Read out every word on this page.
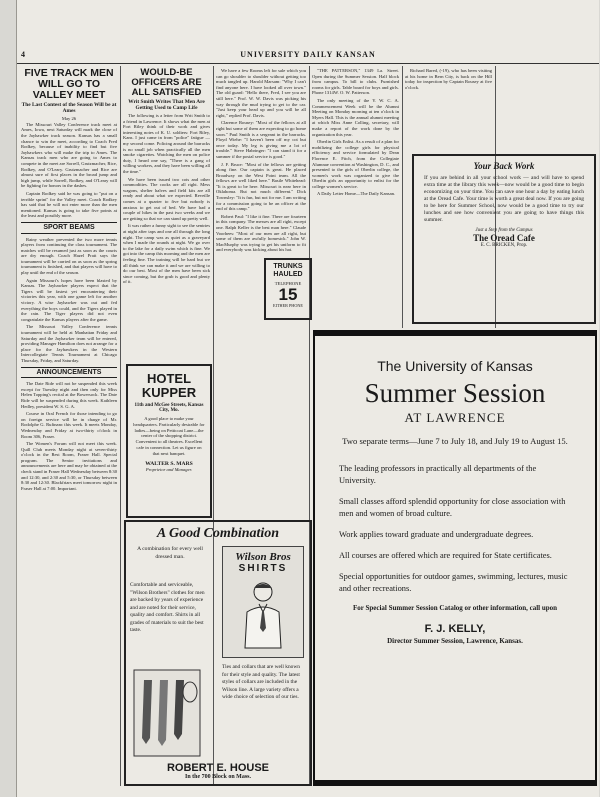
4	UNIVERSITY DAILY KANSAN
FIVE TRACK MEN WILL GO TO VALLEY MEET
The Last Contest of the Season Will be at Ames
May 26

The Missouri Valley Conference track meet at Ames, Iowa, next Saturday will mark the close of the Jayhawker track season. Kansas has a small chance to win the meet, according to Coach Fred Rodkey, because of inability to find but five Jayhawkers who will make the trip to Ames. The Kansas track men who are going to Ames to compete in the meet are Sorrell, Grutzmacher, Rice, Rodkey, and O'Leary. Grutzmacher and Rice are almost sure of first places in the broad jump and high jump, while Sorrell, Rodkey, and O'Leary will be fighting for honors in the dashes.

Captain Rodkey said he was going to "put on a terrible sprint" for the Valley meet. Coach Rodkey has said that he will not enter more than the men mentioned. Kansas is going to take five points at the least and possibly more.

SPORT BEAMS

Rainy weather prevented the two more tennis players from continuing the class tournament. The matches will be resumed just as soon as the courts are dry enough. Coach Hazel Pratt says the tournament will be carried on as soon as the spring tournament is finished, and that players will have to play until the end of the season.

Again Missouri's hopes have been blasted by Kansas. The Jayhawker players expect that the Tigers will be fastest yet encountering their victories this year, with one game left for another victory. A wise Jayhawker was out and fed everything the boys could, and the Tigers played in the rain. The Tiger players did not even congratulate the Kansas players after the game.

The Missouri Valley Conference tennis tournament will be held at Manhattan Friday and Saturday and the Jayhawker team will be entered, providing Manager Hamilton does not arrange for a place for the Jayhawkers in the Western Intercollegiate Tennis Tournament at Chicago Thursday, Friday, and Saturday.

ANNOUNCEMENTS

The Date Ride will not be suspended this week except for Tuesday night and then only for Miss Helen Topping's recital at the Bowersock. The Date Ride will be suspended during this week. Kathleen Hedley, president W. S. G. A.

Course in Oral French for those intending to go on foreign service will be in charge of Mr. Rodolphe G. Rufinanc this week. It meets Monday, Wednesday and Friday at two-thirty o'clock in Room 306, Fraser.

The Women's Forum will not meet this week. Quill Club meets Monday night at seven-thirty o'clock in the Rest Room, Fraser Hall. Special program. The Senior invitations and announcements are here and may be obtained at the check stand in Fraser Hall Wednesday between 8:30 and 12:30, and 2:30 and 5:30, or Thursday between 8:30 and 12:30. Blackfriars meet tomorrow night in Fraser Hall at 7:00. Important.

WOULD-BE OFFICERS ARE ALL SATISFIED
Writ Smith Writes That Men Are Getting Used to Camp Life

The following is a letter from Writ Smith to a friend in Lawrence. It shows what the men at Fort Riley think of their work and gives interesting notes of K. U. soldiers: Fort Riley, Kans. I just came in from "police" fatigue — my second come. Policing around the barracks is no small job when practically all the men smoke cigarettes. Watching the men on police duty, I heard one say, "There is a gang of willing workers, and they have been willing all the time."

We have been issued two cots and other commodities. The cooks are all right. Mess wagons, shelter halves and field kits are all ready and about what we expected. Reveille comes at a quarter to five but nobody is anxious to get out of bed. We have had a couple of hikes in the past two weeks and we are getting so that we can stand up pretty well.

It was rather a funny sight to see the sentries at night after taps and one all through the long night. The camp was as quiet as a graveyard when I made the rounds at night. We go over to the lake for a daily swim which is fine. We got into the camp this morning and the men are feeling fine. The training will be hard but we all think we can make it and we are willing to do our best. Most of the men have been sick since coming, but the grub is good and plenty of it.

HOTEL KUPPER
11th and McGee Streets, Kansas City, Mo.
A good place to make your headquarters. Particularly desirable for ladies—being on Petticoat Lane—the center of the shopping district. Convenient to all theatres. Excellent cafe in connection. Let us figure on that next banquet.
WALTER S. MARS
Proprietor and Manager.

We have a few Rooms left for sale which you can go shoulder to shoulder without getting too much tangled up. Harold Marsam: "Why I can't find anyone here. I have looked all over town." The old guard: "Hello there, Fred, I see you are still here." Prof. W. W. Davis was picking his way through the mud trying to get to the car. "Just keep your head up and you will be all right," replied Prof. Davis.

Clarence Rousey: "Most of the fellows at all right but some of them are expecting to go home soon." Paul Smith is a sergeant in the barracks. Floyd Wiehe: "I haven't been off my cot but once today. My leg is giving me a lot of trouble." Steve Habringer: "I can stand it for a summer if the postal service is good."

J. F. Bruce: "Most of the fellows are getting along fine. Our captain is great. He placed Broadway on the West Point team. All the fellows are well liked here." Basile Whitehead: "It is great to be here. Missouri is near here in Oklahoma. But not much different." Dick Townsley: "It is fun, but not for me. I am writing for a commission going to be an officer at the end of this camp."

Robert Paul: "I like it fine. There are fourteen in this company. The messes are all right, except one. Ralph Keller is the best man here." Claude Voorhees: "Most of our men are all right, but some of them are awfully homesick." John W. MacMurphy was trying to get his uniform to fit and everybody was kicking about his hat.

TRUNKS HAULED
TELEPHONE
15
EITHER PHONE
A Good Combination
A combination for every well dressed man.
Comfortable and serviceable, "Wilson Brothers" clothes for men are backed by years of experience and are noted for their service, quality and comfort. Shirts in all grades of materials to suit the best taste.
Wilson Bros
SHIRTS
Ties and collars that are well known for their style and quality. The latest styles of collars are included in the Wilson line. A large variety offers a wide choice of selection of our ties.
ROBERT E. HOUSE
In the 700 Block on Mass.

"THE PATTERSON," 1349 La. Street. Open during the Summer Session. Half block from campus. To bill to clubs. Furnished rooms for girls. Table board for boys and girls. Phone 1314W. O. W. Patterson.

The only meeting of the Y. W. C. A. Commencement Week will be the Alumni Meeting on Monday morning at ten o'clock in Myers Hall. This is the annual alumni meeting at which Miss Anne Colling, secretary, will make a report of the work done by the organization this year.

Oberlin Girls Enlist. As a result of a plan for mobilizing the college girls for physical efficiency and service formulated by Dean Florence E. Fitch, from the Collegiate Alumnae convention at Washington, D. C., and presented to the girls of Oberlin college, the women's work was organized to give the Oberlin girls an opportunity to enlist for the college women's service.

A Daily Letter Home—The Daily Kansan.

Richard Bared, (-19), who has been visiting at his home in Bern City, is back on the Hill today for inspection by Captain Rousey at five o'clock.

Your Back Work
If you are behind in all your school work — and will have to spend extra time at the library this week—now would be a good time to begin economizing on your time. You can save one hour a day by eating lunch at the Oread Cafe. Your time is worth a great deal now. If you are going to be here for Summer School, now would be a good time to try our lunches and see how convenient you are going to have things this summer.
Just a Step from the Campus
The Oread Cafe
E. C. BRICKEN, Prop.
The University of Kansas
Summer Session
AT LAWRENCE
Two separate terms—June 7 to July 18, and July 19 to August 15.
The leading professors in practically all departments of the University.
Small classes afford splendid opportunity for close association with men and women of broad culture.
Work applies toward graduate and undergraduate degrees.
All courses are offered which are required for State certificates.
Special opportunities for outdoor games, swimming, lectures, music and other recreations.
For Special Summer Session Catalog or other information, call upon
F. J. KELLY,
Director Summer Session, Lawrence, Kansas.
